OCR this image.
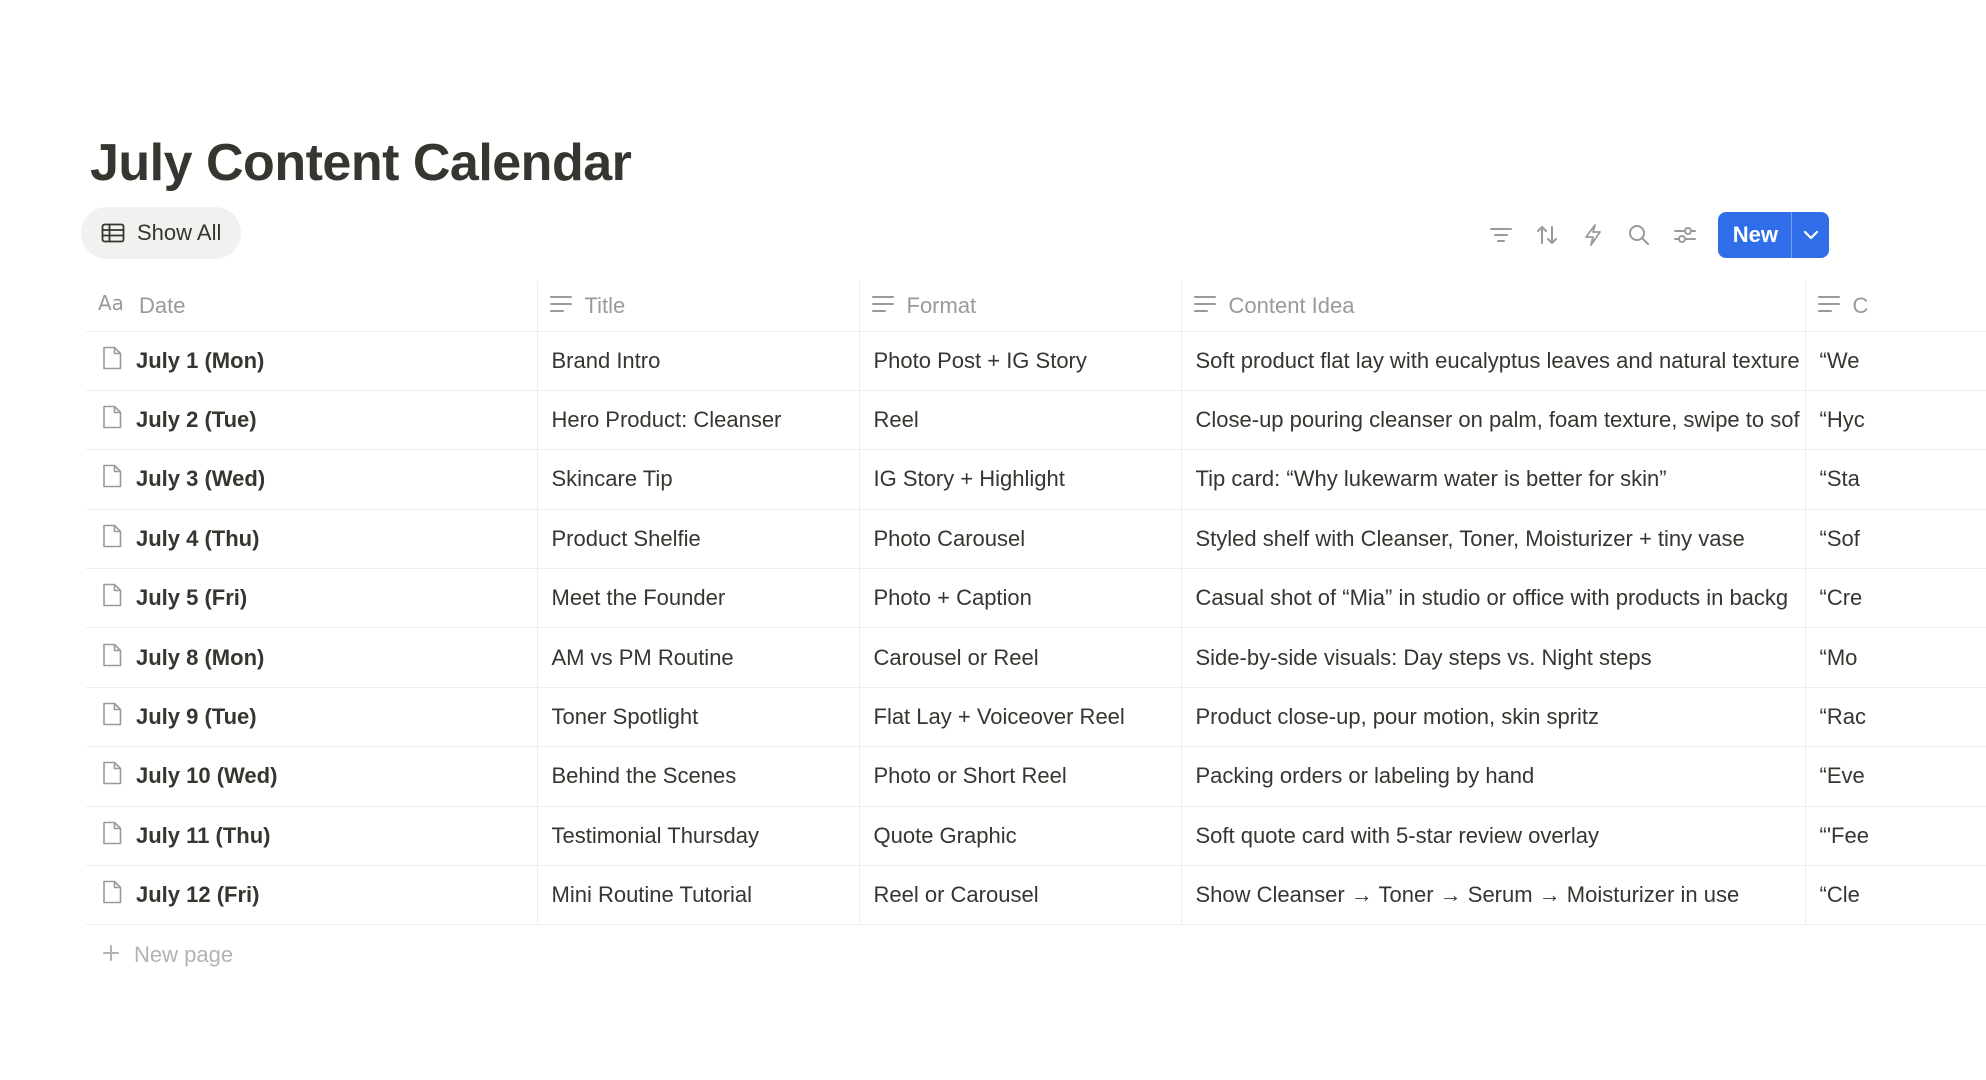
July Content Calendar
Show All	New
Aa Date	Title	Format	Content Idea	C

July 1 (Mon)	Brand Intro	Photo Post + IG Story	Soft product flat lay with eucalyptus leaves and natural texture	“We

July 2 (Tue)	Hero Product: Cleanser	Reel	Close-up pouring cleanser on palm, foam texture, swipe to sof	“Hyc

July 3 (Wed)	Skincare Tip	IG Story + Highlight	Tip card: “Why lukewarm water is better for skin”	“Sta

July 4 (Thu)	Product Shelfie	Photo Carousel	Styled shelf with Cleanser, Toner, Moisturizer + tiny vase	“Sof

July 5 (Fri)	Meet the Founder	Photo + Caption	Casual shot of “Mia” in studio or office with products in backg	“Cre

July 8 (Mon)	AM vs PM Routine	Carousel or Reel	Side-by-side visuals: Day steps vs. Night steps	“Mo

July 9 (Tue)	Toner Spotlight	Flat Lay + Voiceover Reel	Product close-up, pour motion, skin spritz	“Rac

July 10 (Wed)	Behind the Scenes	Photo or Short Reel	Packing orders or labeling by hand	“Eve

July 11 (Thu)	Testimonial Thursday	Quote Graphic	Soft quote card with 5-star review overlay	“'Fee

July 12 (Fri)	Mini Routine Tutorial	Reel or Carousel	Show Cleanser → Toner → Serum → Moisturizer in use	“Cle
New page
